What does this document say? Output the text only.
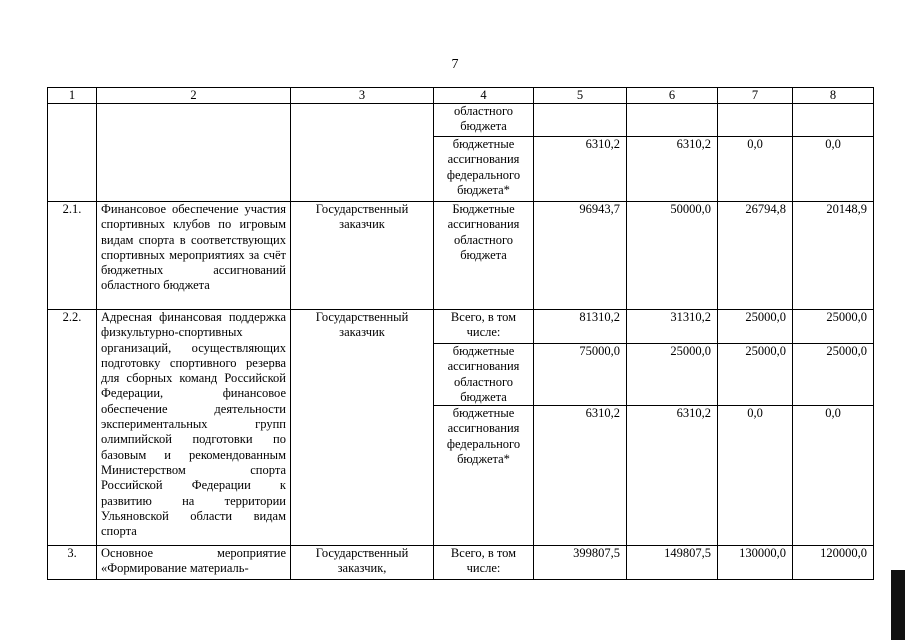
7
1	2	3	4	5	6	7	8
			областного бюджета				
			бюджетные ассигнования федерального бюджета*	6310,2	6310,2	0,0	0,0
2.1.	Финансовое обеспечение участия спортивных клубов по игровым видам спорта в соответствующих спортивных мероприятиях за счёт бюджетных ассигнований областного бюджета	Государственный заказчик	Бюджетные ассигнования областного бюджета	96943,7	50000,0	26794,8	20148,9
2.2.	Адресная финансовая поддержка физкультурно-спортивных организаций, осуществляющих подготовку спортивного резерва для сборных команд Российской Федерации, финансовое обеспечение деятельности экспериментальных групп олимпийской подготовки по базовым и рекомендованным Министерством спорта Российской Федерации к развитию на территории Ульяновской области видам спорта	Государственный заказчик	Всего, в том числе:	81310,2	31310,2	25000,0	25000,0
			бюджетные ассигнования областного бюджета	75000,0	25000,0	25000,0	25000,0
			бюджетные ассигнования федерального бюджета*	6310,2	6310,2	0,0	0,0
3.	Основное мероприятие «Формирование материаль-	Государственный заказчик,	Всего, в том числе:	399807,5	149807,5	130000,0	120000,0
